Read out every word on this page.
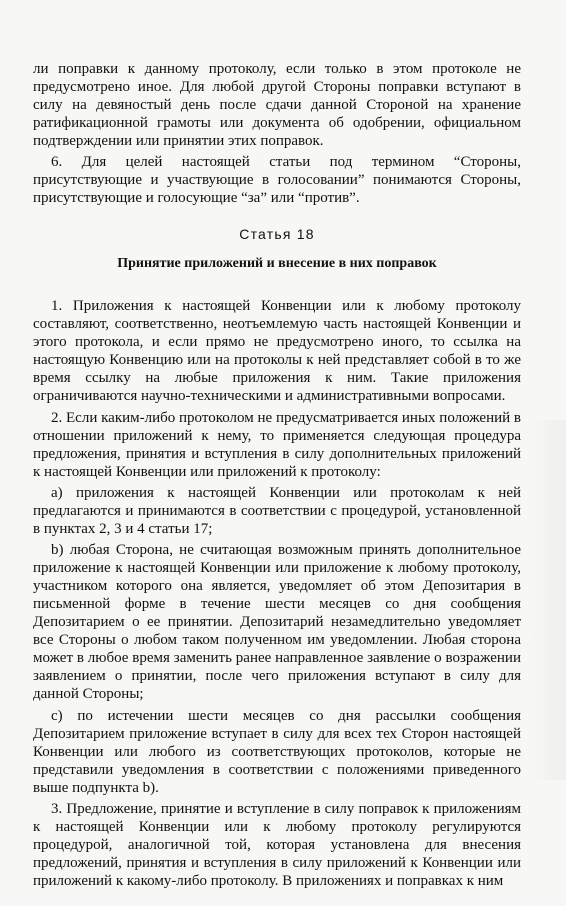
ли поправки к данному протоколу, если только в этом протоколе не предусмотрено иное. Для любой другой Стороны поправки вступают в силу на девяностый день после сдачи данной Стороной на хранение ратификационной грамоты или документа об одобрении, официальном подтверждении или принятии этих поправок.

6. Для целей настоящей статьи под термином “Стороны, присутствующие и участвующие в голосовании” понимаются Стороны, присутствующие и голосующие “за” или “против”.

Статья 18
Принятие приложений и внесение в них поправок

1. Приложения к настоящей Конвенции или к любому протоколу составляют, соответственно, неотъемлемую часть настоящей Конвенции и этого протокола, и если прямо не предусмотрено иного, то ссылка на настоящую Конвенцию или на протоколы к ней представляет собой в то же время ссылку на любые приложения к ним. Такие приложения ограничиваются научно-техническими и административными вопросами.

2. Если каким-либо протоколом не предусматривается иных положений в отношении приложений к нему, то применяется следующая процедура предложения, принятия и вступления в силу дополнительных приложений к настоящей Конвенции или приложений к протоколу:

а) приложения к настоящей Конвенции или протоколам к ней предлагаются и принимаются в соответствии с процедурой, установленной в пунктах 2, 3 и 4 статьи 17;

b) любая Сторона, не считающая возможным принять дополнительное приложение к настоящей Конвенции или приложение к любому протоколу, участником которого она является, уведомляет об этом Депозитария в письменной форме в течение шести месяцев со дня сообщения Депозитарием о ее принятии. Депозитарий незамедлительно уведомляет все Стороны о любом таком полученном им уведомлении. Любая сторона может в любое время заменить ранее направленное заявление о возражении заявлением о принятии, после чего приложения вступают в силу для данной Стороны;

с) по истечении шести месяцев со дня рассылки сообщения Депозитарием приложение вступает в силу для всех тех Сторон настоящей Конвенции или любого из соответствующих протоколов, которые не представили уведомления в соответствии с положениями приведенного выше подпункта b).

3. Предложение, принятие и вступление в силу поправок к приложениям к настоящей Конвенции или к любому протоколу регулируются процедурой, аналогичной той, которая установлена для внесения предложений, принятия и вступления в силу приложений к Конвенции или приложений к какому-либо протоколу. В приложениях и поправках к ним
